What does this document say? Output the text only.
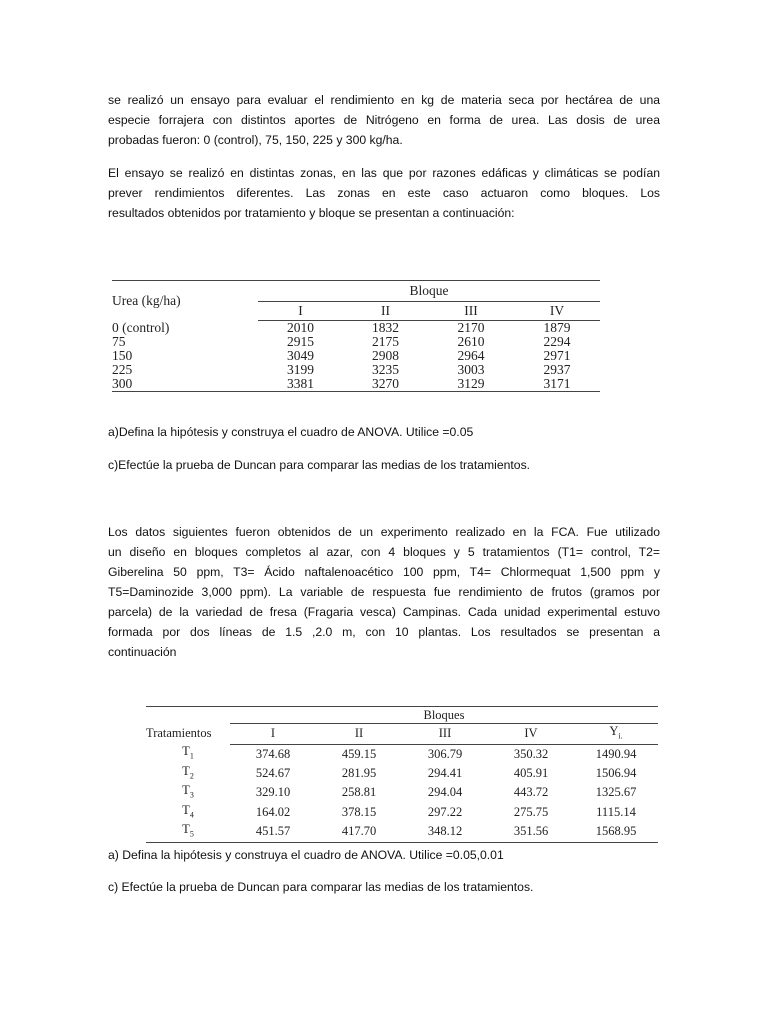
se realizó un ensayo para evaluar el rendimiento en kg de materia seca por hectárea de una
especie forrajera con distintos aportes de Nitrógeno en forma de urea. Las dosis de urea
probadas fueron: 0 (control), 75, 150, 225 y 300 kg/ha.

El ensayo se realizó en distintas zonas, en las que por razones edáficas y climáticas se podían
prever rendimientos diferentes. Las zonas en este caso actuaron como bloques. Los
resultados obtenidos por tratamiento y bloque se presentan a continuación:

Urea (kg/ha)	Bloque			
	I	II	III	IV
0 (control)	2010	1832	2170	1879
75	2915	2175	2610	2294
150	3049	2908	2964	2971
225	3199	3235	3003	2937
300	3381	3270	3129	3171

a)Defina la hipótesis y construya el cuadro de ANOVA. Utilice =0.05

c)Efectúe la prueba de Duncan para comparar las medias de los tratamientos.

Los datos siguientes fueron obtenidos de un experimento realizado en la FCA. Fue utilizado
un diseño en bloques completos al azar, con 4 bloques y 5 tratamientos (T1= control, T2=
Giberelina 50 ppm, T3= Ácido naftalenoacético 100 ppm, T4= Chlormequat 1,500 ppm y
T5=Daminozide 3,000 ppm). La variable de respuesta fue rendimiento de frutos (gramos por
parcela) de la variedad de fresa (Fragaria vesca) Campinas. Cada unidad experimental estuvo
formada por dos líneas de 1.5 ,2.0 m, con 10 plantas. Los resultados se presentan a
continuación

Tratamientos	Bloques				
	I	II	III	IV	$Y_{i.}$
$T_1$	374.68	459.15	306.79	350.32	1490.94
$T_2$	524.67	281.95	294.41	405.91	1506.94
$T_3$	329.10	258.81	294.04	443.72	1325.67
$T_4$	164.02	378.15	297.22	275.75	1115.14
$T_5$	451.57	417.70	348.12	351.56	1568.95

a) Defina la hipótesis y construya el cuadro de ANOVA. Utilice =0.05,0.01

c) Efectúe la prueba de Duncan para comparar las medias de los tratamientos.
